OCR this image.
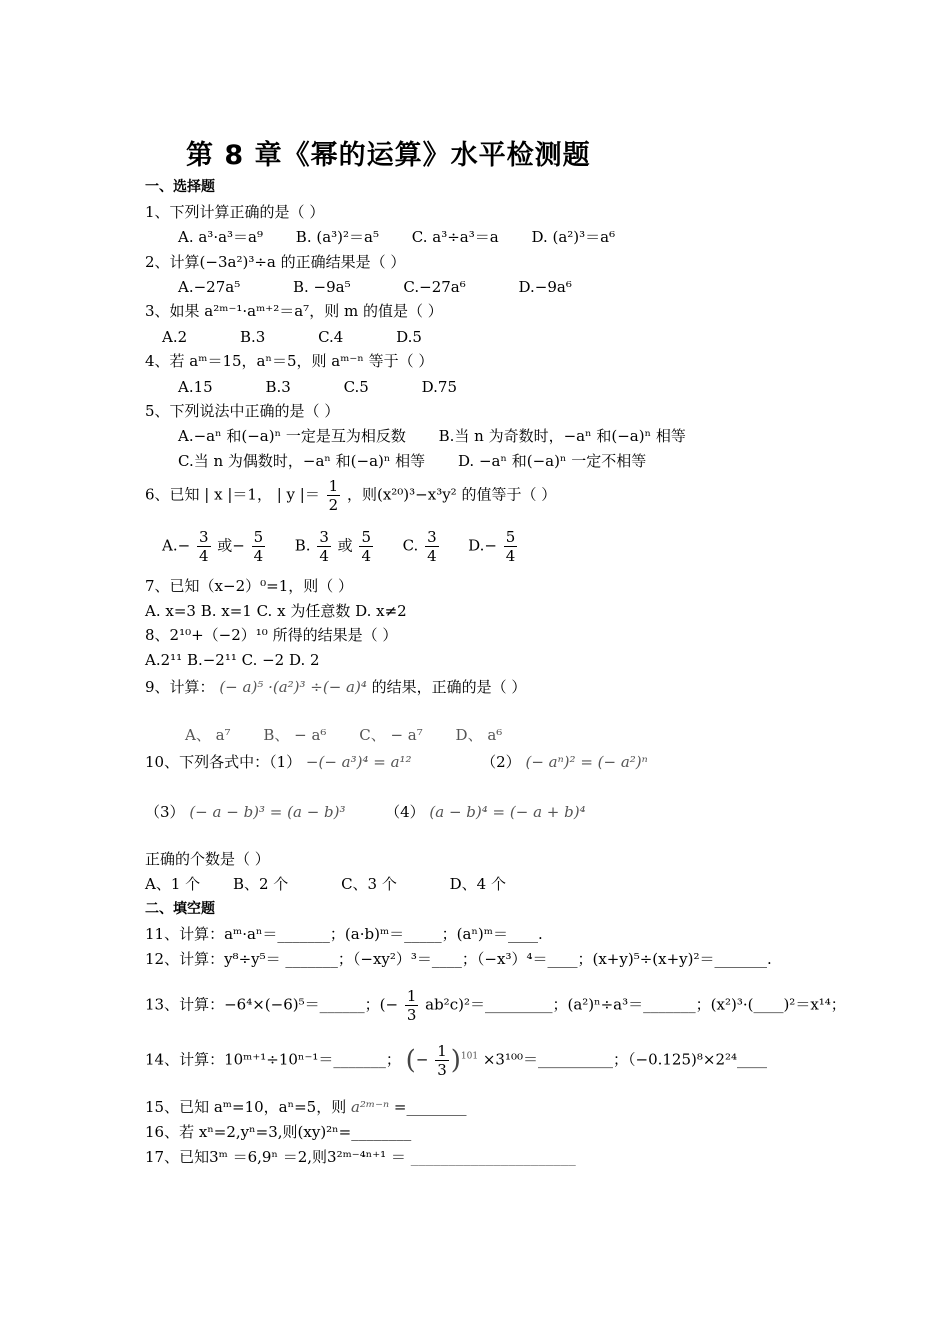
第 8 章《幂的运算》水平检测题
一、选择题
1、下列计算正确的是（ ）
A. a³·a³＝a⁹ B. (a³)²＝a⁵ C. a³÷a³＝a D. (a²)³＝a⁶
2、计算(−3a²)³÷a 的正确结果是（ ）
A.−27a⁵	B. −9a⁵	C.−27a⁶	D.−9a⁶
3、如果 a²ᵐ⁻¹·aᵐ⁺²＝a⁷，则 m 的值是（ ）
A.2	B.3	C.4	D.5
4、若 aᵐ＝15，aⁿ＝5，则 aᵐ⁻ⁿ 等于（ ）
A.15	B.3	C.5	D.75
5、下列说法中正确的是（ ）
A.−aⁿ 和(−a)ⁿ 一定是互为相反数 B.当 n 为奇数时，−aⁿ 和(−a)ⁿ 相等
C.当 n 为偶数时，−aⁿ 和(−a)ⁿ 相等 D. −aⁿ 和(−a)ⁿ 一定不相等
6、已知 | x |＝1， | y |＝ $\frac{1}{2}$ ，则(x²⁰)³−x³y² 的值等于（ ）
$A.- \frac{3}{4}$ 或− $\frac{5}{4} B$. $\frac{3}{4}$ 或 $\frac{5}{4} C$. $\frac{3}{4} D.- \frac{5}{4}$
7、已知（x−2）⁰=1，则（ ）
A. x=3 B. x=1 C. x 为任意数 D. x≠2
8、2¹⁰+（−2）¹⁰ 所得的结果是（ ）
A.2¹¹ B.−2¹¹ C. −2 D. 2
9、计算： (− a)⁵ ·(a²)³ ÷(− a)⁴ 的结果，正确的是（ ）
A、 a⁷ B、 − a⁶ C、 − a⁷ D、 a⁶
10、下列各式中：（1） −(− a³)⁴ = a¹²	（2） (− aⁿ)² = (− a²)ⁿ
（3） (− a − b)³ = (a − b)³	（4） (a − b)⁴ = (− a + b)⁴
正确的个数是（ ）
A、1 个 B、2 个	C、3 个	D、4 个
二、填空题
11、计算：aᵐ·aⁿ＝_______；(a·b)ᵐ＝_____；(aⁿ)ᵐ＝____.
12、计算：y⁸÷y⁵＝ _______；（−xy²）³＝____；（−x³）⁴＝____；(x+y)⁵÷(x+y)²＝_______.
13、计算：−6⁴×(−6)⁵＝______；(− $\frac{1}{3}$ ab²c)²＝_________；(a²)ⁿ÷a³＝_______；(x²)³·(____)²＝x¹⁴；
14、计算：10ᵐ⁺¹÷10ⁿ⁻¹＝_______； (− $\frac{1}{3} )^{101}$ ×3¹⁰⁰＝__________；（−0.125)⁸×2²⁴____
15、已知 aᵐ=10，aⁿ=5，则 a²ᵐ⁻ⁿ =________
16、若 xⁿ=2,yⁿ=3,则(xy)²ⁿ=________
17、已知3ᵐ ＝6,9ⁿ ＝2,则3²ᵐ⁻⁴ⁿ⁺¹ ＝ ______________________
